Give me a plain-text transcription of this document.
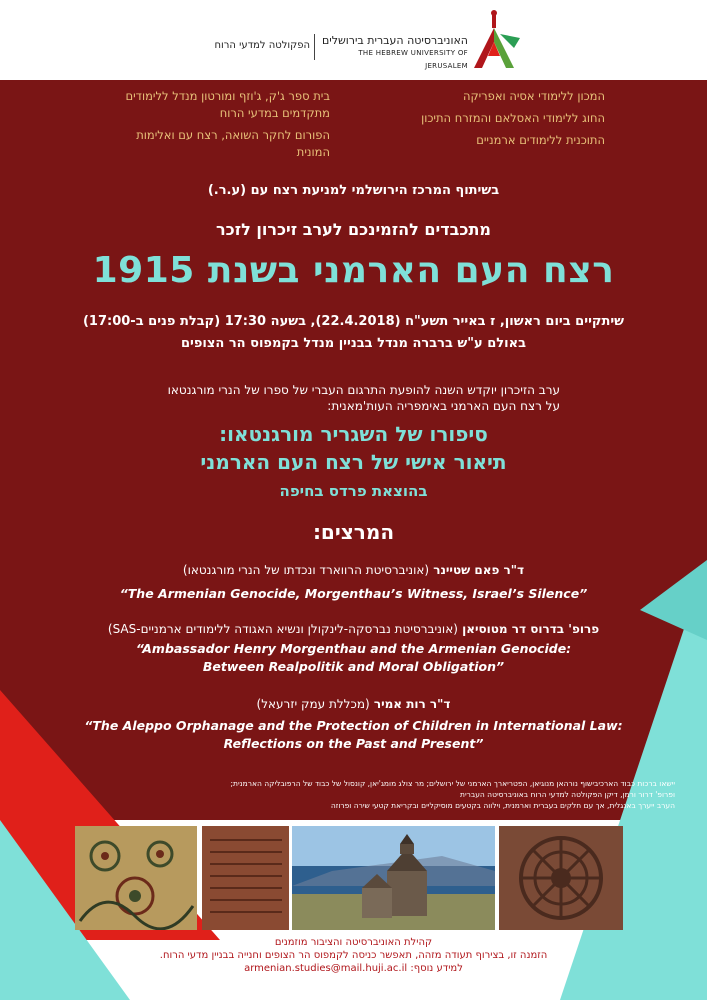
האוניברסיטה העברית בירושלים
THE HEBREW UNIVERSITY OF JERUSALEM
הפקולטה למדעי הרוח
המכון ללימודי אסיה ואפריקה
החוג ללימודי האסלאם והמזרח התיכון
התוכנית ללימודים ארמניים
בית ספר ג'ק, ג'וזף ומורטון מנדל ללימודים מתקדמים במדעי הרוח
הפורום לחקר השואה, רצח עם ואלימות המונית
בשיתוף המרכז הירושלמי למניעת רצח עם (ע.ר.)
מתכבדים להזמינכם לערב זיכרון לזכר
רצח העם הארמני בשנת 1915
שיתקיים ביום ראשון, ז באייר תשע"ח (22.4.2018), בשעה 17:30 (קבלת פנים ב-17:00)
באולם ע"ש ברברה מנדל בבניין מנדל בקמפוס הר הצופים
ערב הזיכרון יוקדש השנה להופעת התרגום העברי של ספרו של הנרי מורגנטאו על רצח העם הארמני באימפריה העות'מאנית:
סיפורו של השגריר מורגנטאו:
תיאור אישי של רצח העם הארמני
בהוצאת פרדס בחיפה
המרצים:
ד"ר פאם שטיינר (אוניברסיטת הרווארד ונכדתו של הנרי מורגנטאו)
“The Armenian Genocide, Morgenthau’s Witness, Israel’s Silence”
פרופ' בדרוס דר מטוסיאן (אוניברסיטת נברסקה-לינקולן ונשיא האגודה ללימודים ארמניים-SAS)
“Ambassador Henry Morgenthau and the Armenian Genocide:
Between Realpolitik and Moral Obligation”
ד"ר רות אמיר (מכללת עמק יזרעאל)
“The Aleppo Orphanage and the Protection of Children in International Law:
Reflections on the Past and Present”
יישאו ברכות כבוד הארכיבישוף נורהאן מנוגיאן, הפטריארך הארמני של ירושלים; מר צולג מומג'יאן, קונסול של כבוד של הרפובליקה הארמנית;
ופרופ' דרור ורמן, דיקן הפקולטה למדעי הרוח באוניברסיטה העברית
הערב ייערך באנגלית, אך עם חלקים בעברית וארמנית, וילווה בקטעים מוסיקליים ובקריאת קטעי שירה ופרוזה
קהילת האוניברסיטה והציבור מוזמנים
הזמנה זו, בצירוף תעודה מזהה, תאפשר כניסה לקמפוס הר הצופים וחנייה בבניין מדעי הרוח.
למידע נוסף: armenian.studies@mail.huji.ac.il
